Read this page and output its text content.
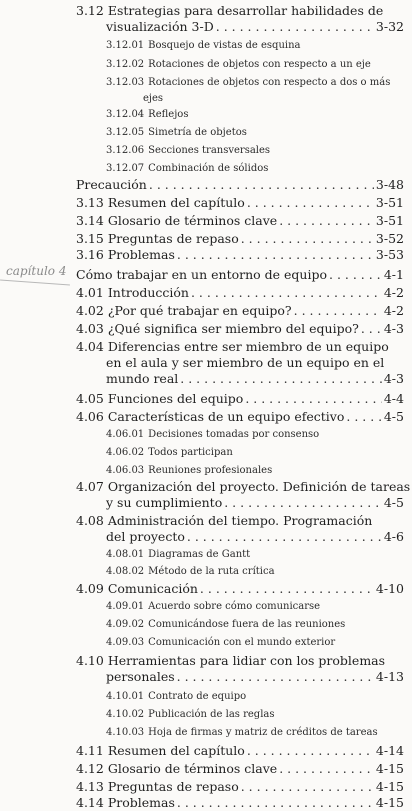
capítulo 4
3.12 Estrategias para desarrollar habilidades de
visualización 3-D . . .	3-32
3.12.01 Bosquejo de vistas de esquina
3.12.02 Rotaciones de objetos con respecto a un eje
3.12.03 Rotaciones de objetos con respecto a dos o más
ejes
3.12.04 Reflejos
3.12.05 Simetría de objetos
3.12.06 Secciones transversales
3.12.07 Combinación de sólidos
Precaución . . .	3-48
3.13 Resumen del capítulo . . .	3-51
3.14 Glosario de términos clave . . .	3-51
3.15 Preguntas de repaso . . .	3-52
3.16 Problemas . . .	3-53
Cómo trabajar en un entorno de equipo . . .	4-1
4.01 Introducción . . .	4-2
4.02 ¿Por qué trabajar en equipo? . . .	4-2
4.03 ¿Qué significa ser miembro del equipo? . . . 4-3
4.04 Diferencias entre ser miembro de un equipo
en el aula y ser miembro de un equipo en el
mundo real . . .	4-3
4.05 Funciones del equipo . . .	4-4
4.06 Características de un equipo efectivo . . .	4-5
4.06.01 Decisiones tomadas por consenso
4.06.02 Todos participan
4.06.03 Reuniones profesionales
4.07 Organización del proyecto. Definición de tareas
y su cumplimiento . . .	4-5
4.08 Administración del tiempo. Programación
del proyecto . . .	4-6
4.08.01 Diagramas de Gantt
4.08.02 Método de la ruta crítica
4.09 Comunicación . . .	4-10
4.09.01 Acuerdo sobre cómo comunicarse
4.09.02 Comunicándose fuera de las reuniones
4.09.03 Comunicación con el mundo exterior
4.10 Herramientas para lidiar con los problemas
personales . . .	4-13
4.10.01 Contrato de equipo
4.10.02 Publicación de las reglas
4.10.03 Hoja de firmas y matriz de créditos de tareas
4.11 Resumen del capítulo . . .	4-14
4.12 Glosario de términos clave . . .	4-15
4.13 Preguntas de repaso . . .	4-15
4.14 Problemas . . .	4-15
